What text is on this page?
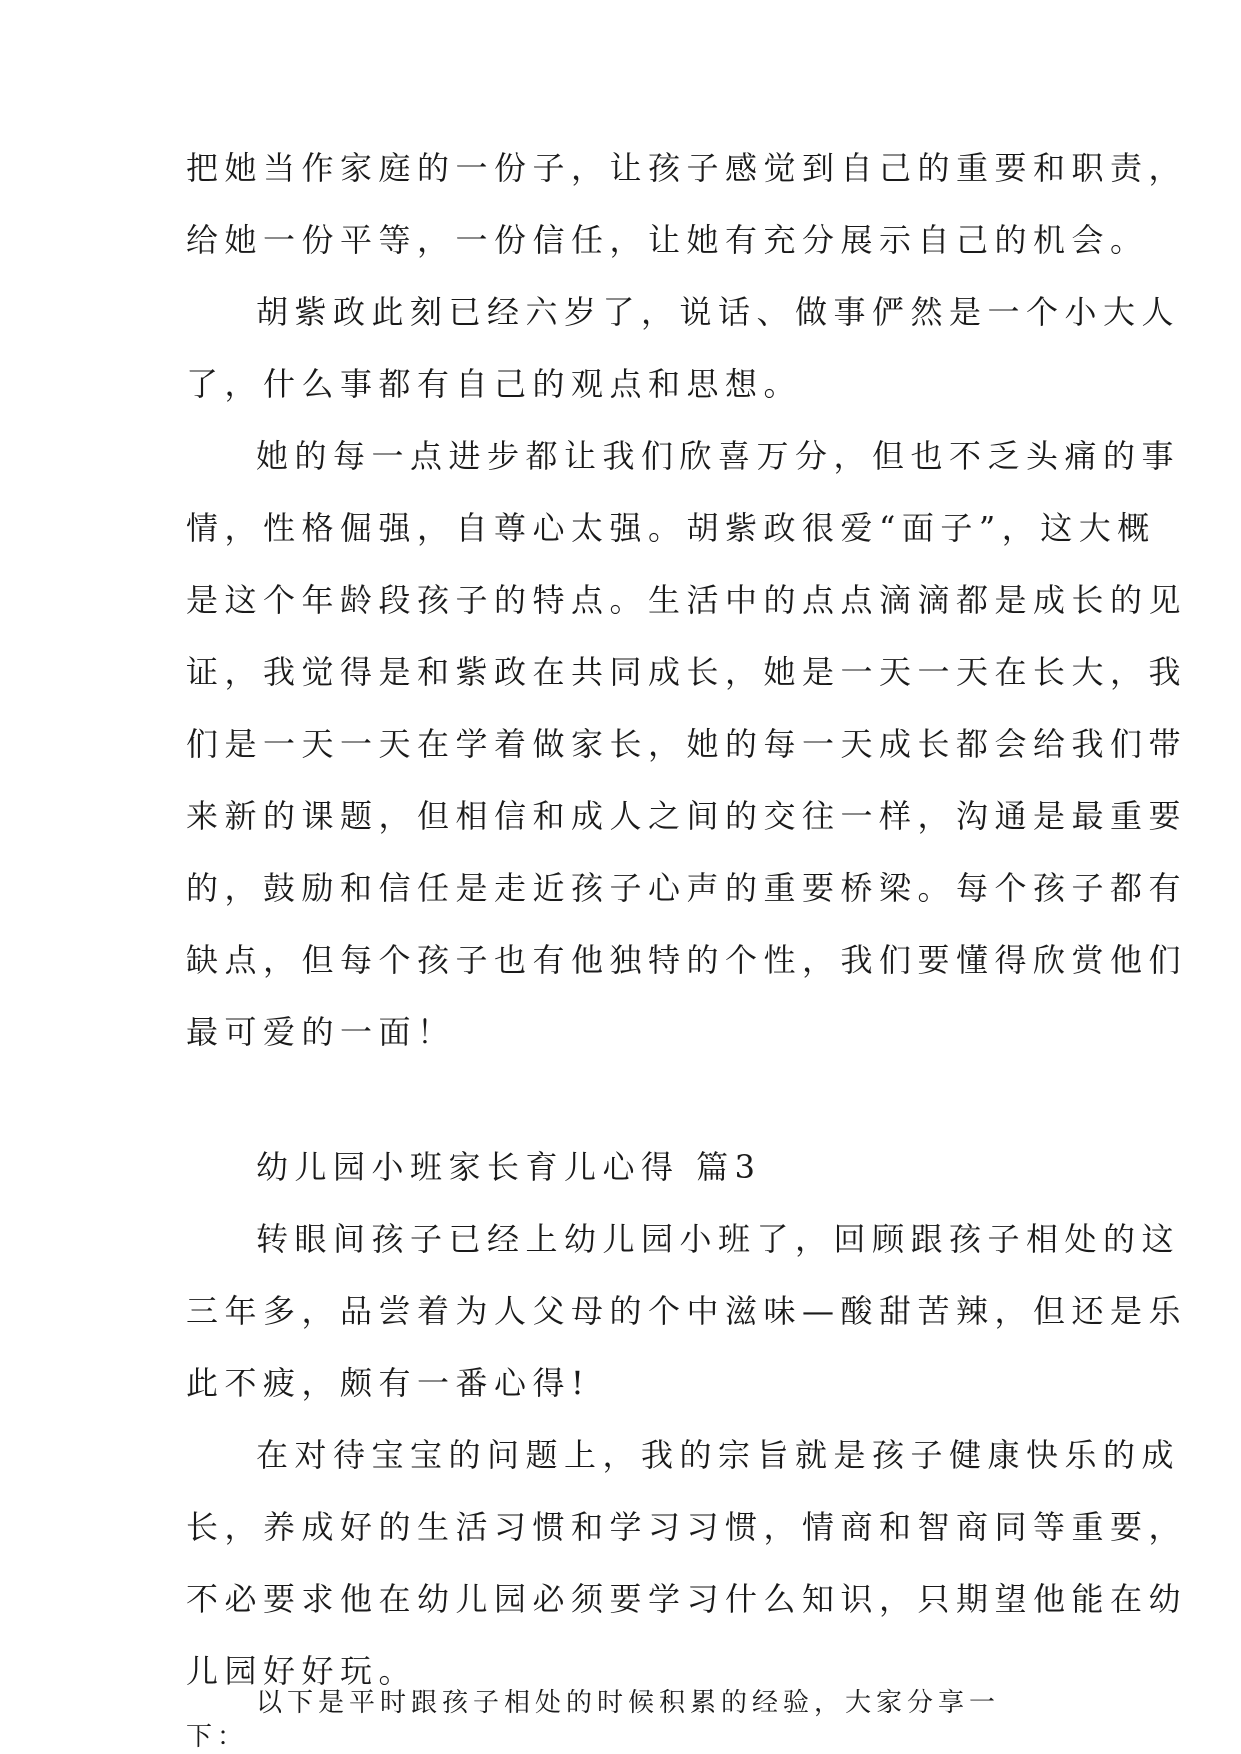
把她当作家庭的一份子，让孩子感觉到自己的重要和职责，
给她一份平等，一份信任，让她有充分展示自己的机会。
胡紫政此刻已经六岁了，说话、做事俨然是一个小大人
了，什么事都有自己的观点和思想。
她的每一点进步都让我们欣喜万分，但也不乏头痛的事
情，性格倔强，自尊心太强。胡紫政很爱“面子”，这大概
是这个年龄段孩子的特点。生活中的点点滴滴都是成长的见
证，我觉得是和紫政在共同成长，她是一天一天在长大，我
们是一天一天在学着做家长，她的每一天成长都会给我们带
来新的课题，但相信和成人之间的交往一样，沟通是最重要
的，鼓励和信任是走近孩子心声的重要桥梁。每个孩子都有
缺点，但每个孩子也有他独特的个性，我们要懂得欣赏他们
最可爱的一面！
幼儿园小班家长育儿心得 篇3
转眼间孩子已经上幼儿园小班了，回顾跟孩子相处的这
三年多，品尝着为人父母的个中滋味—酸甜苦辣，但还是乐
此不疲，颇有一番心得!
在对待宝宝的问题上，我的宗旨就是孩子健康快乐的成
长，养成好的生活习惯和学习习惯，情商和智商同等重要，
不必要求他在幼儿园必须要学习什么知识，只期望他能在幼
儿园好好玩。
以下是平时跟孩子相处的时候积累的经验，大家分享一
下：
